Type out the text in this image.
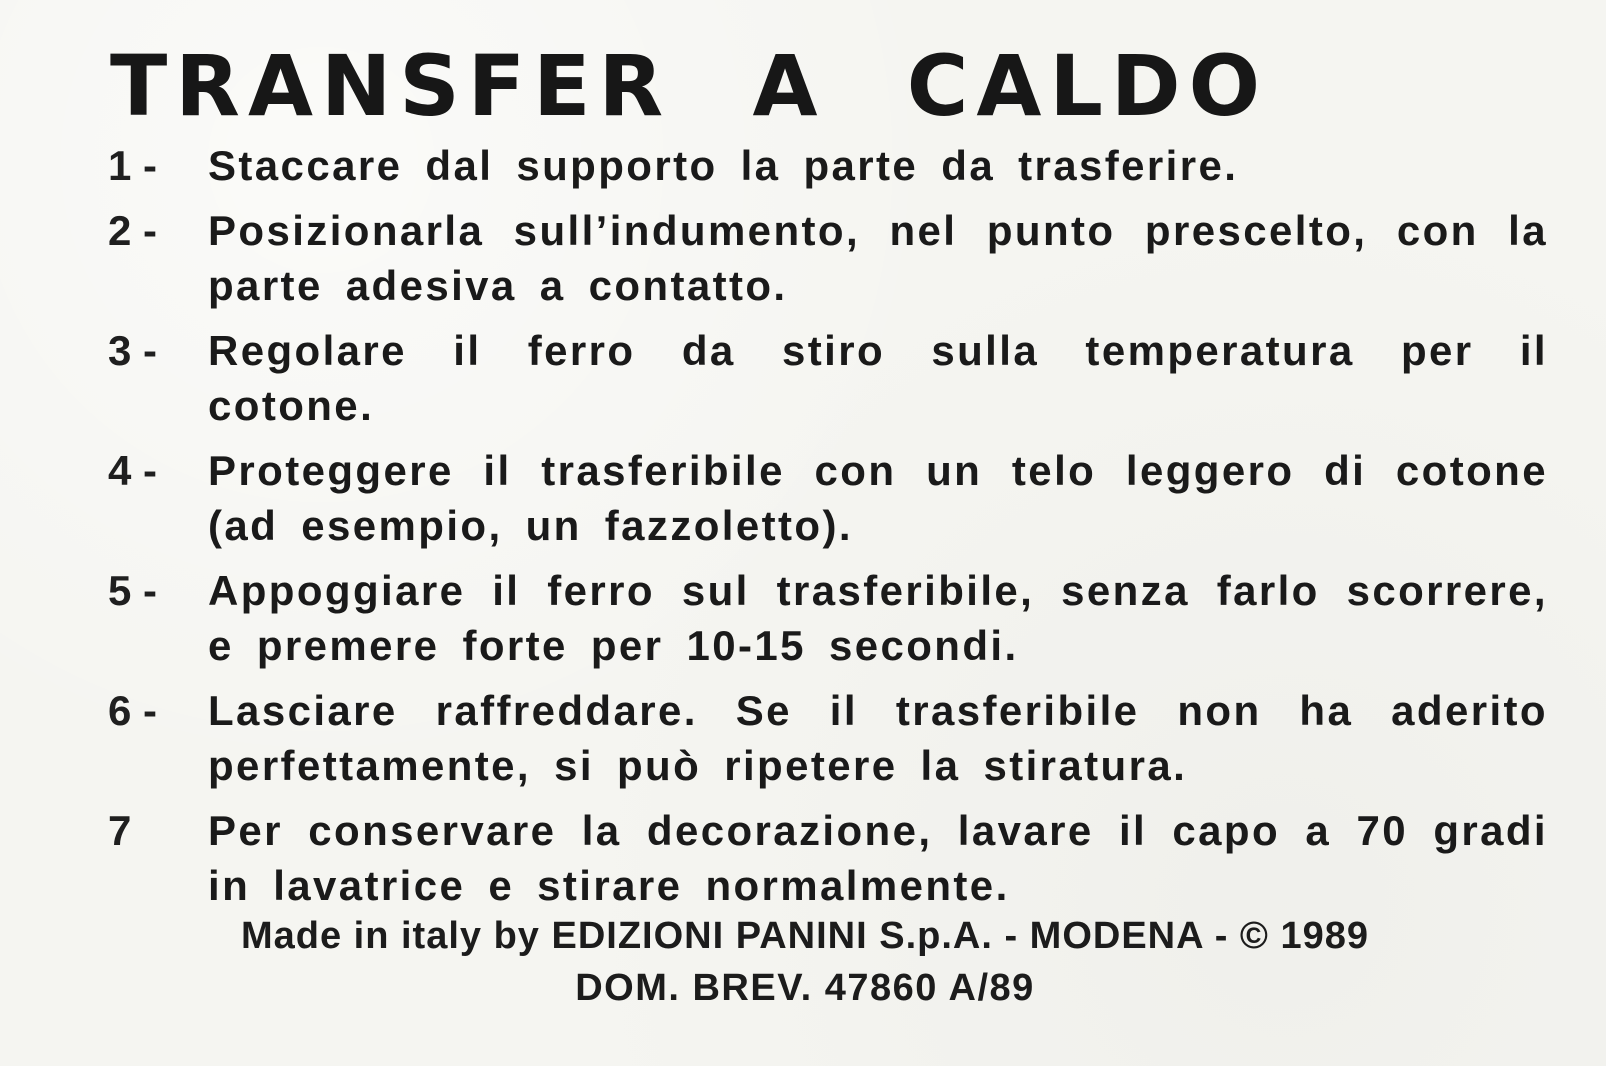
TRANSFER A CALDO
1 -	Staccare dal supporto la parte da trasferire.
2 -	Posizionarla sull’indumento, nel punto prescelto, con la parte adesiva a contatto.
3 -	Regolare il ferro da stiro sulla temperatura per il cotone.
4 -	Proteggere il trasferibile con un telo leggero di cotone (ad esempio, un fazzoletto).
5 -	Appoggiare il ferro sul trasferibile, senza farlo scorrere, e premere forte per 10-15 secondi.
6 -	Lasciare raffreddare. Se il trasferibile non ha aderito perfettamente, si può ripetere la stiratura.
7	Per conservare la decorazione, lavare il capo a 70 gradi in lavatrice e stirare normalmente.
Made in italy by EDIZIONI PANINI S.p.A. - MODENA - © 1989
DOM. BREV. 47860 A/89
